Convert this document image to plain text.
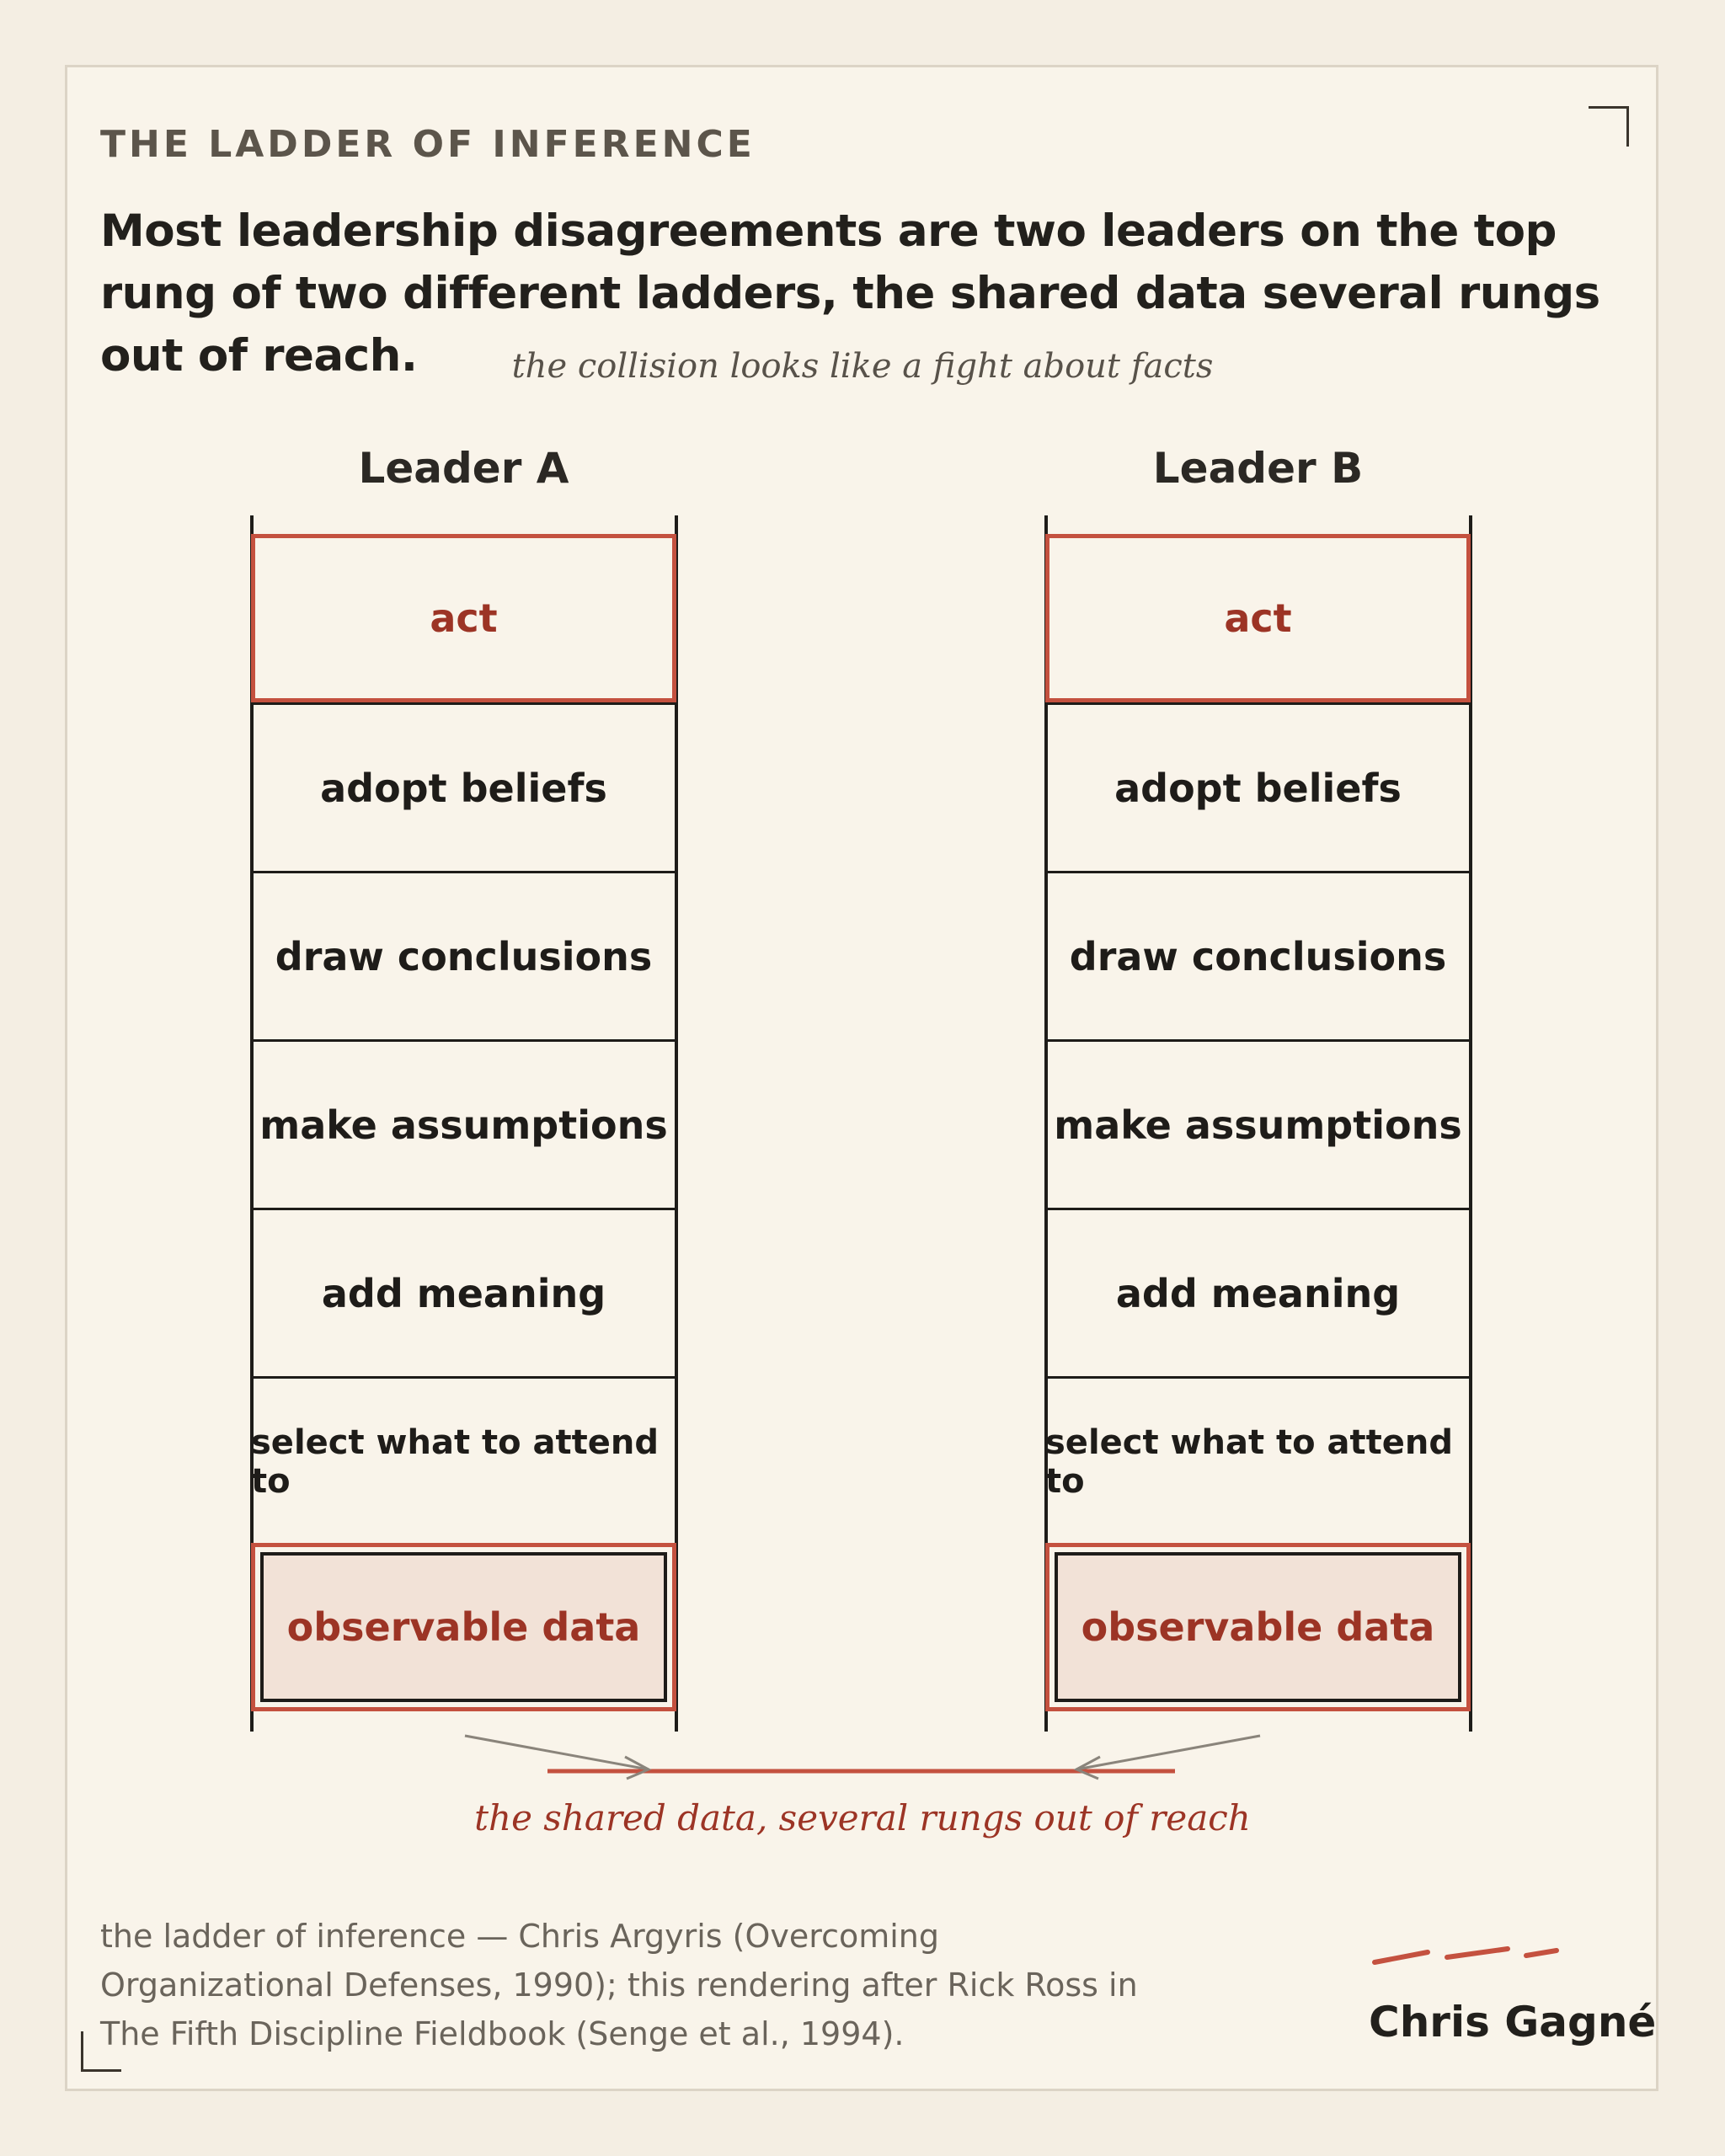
THE LADDER OF INFERENCE
Most leadership disagreements are two leaders on the top rung of two different ladders, the shared data several rungs out of reach.	the collision looks like a fight about facts
Leader A
act
adopt beliefs
draw conclusions
make assumptions
add meaning
select what to attend to
observable data
Leader B
act
adopt beliefs
draw conclusions
make assumptions
add meaning
select what to attend to
observable data
the shared data, several rungs out of reach
the ladder of inference — Chris Argyris (Overcoming Organizational Defenses, 1990); this rendering after Rick Ross in The Fifth Discipline Fieldbook (Senge et al., 1994).	Chris Gagné
